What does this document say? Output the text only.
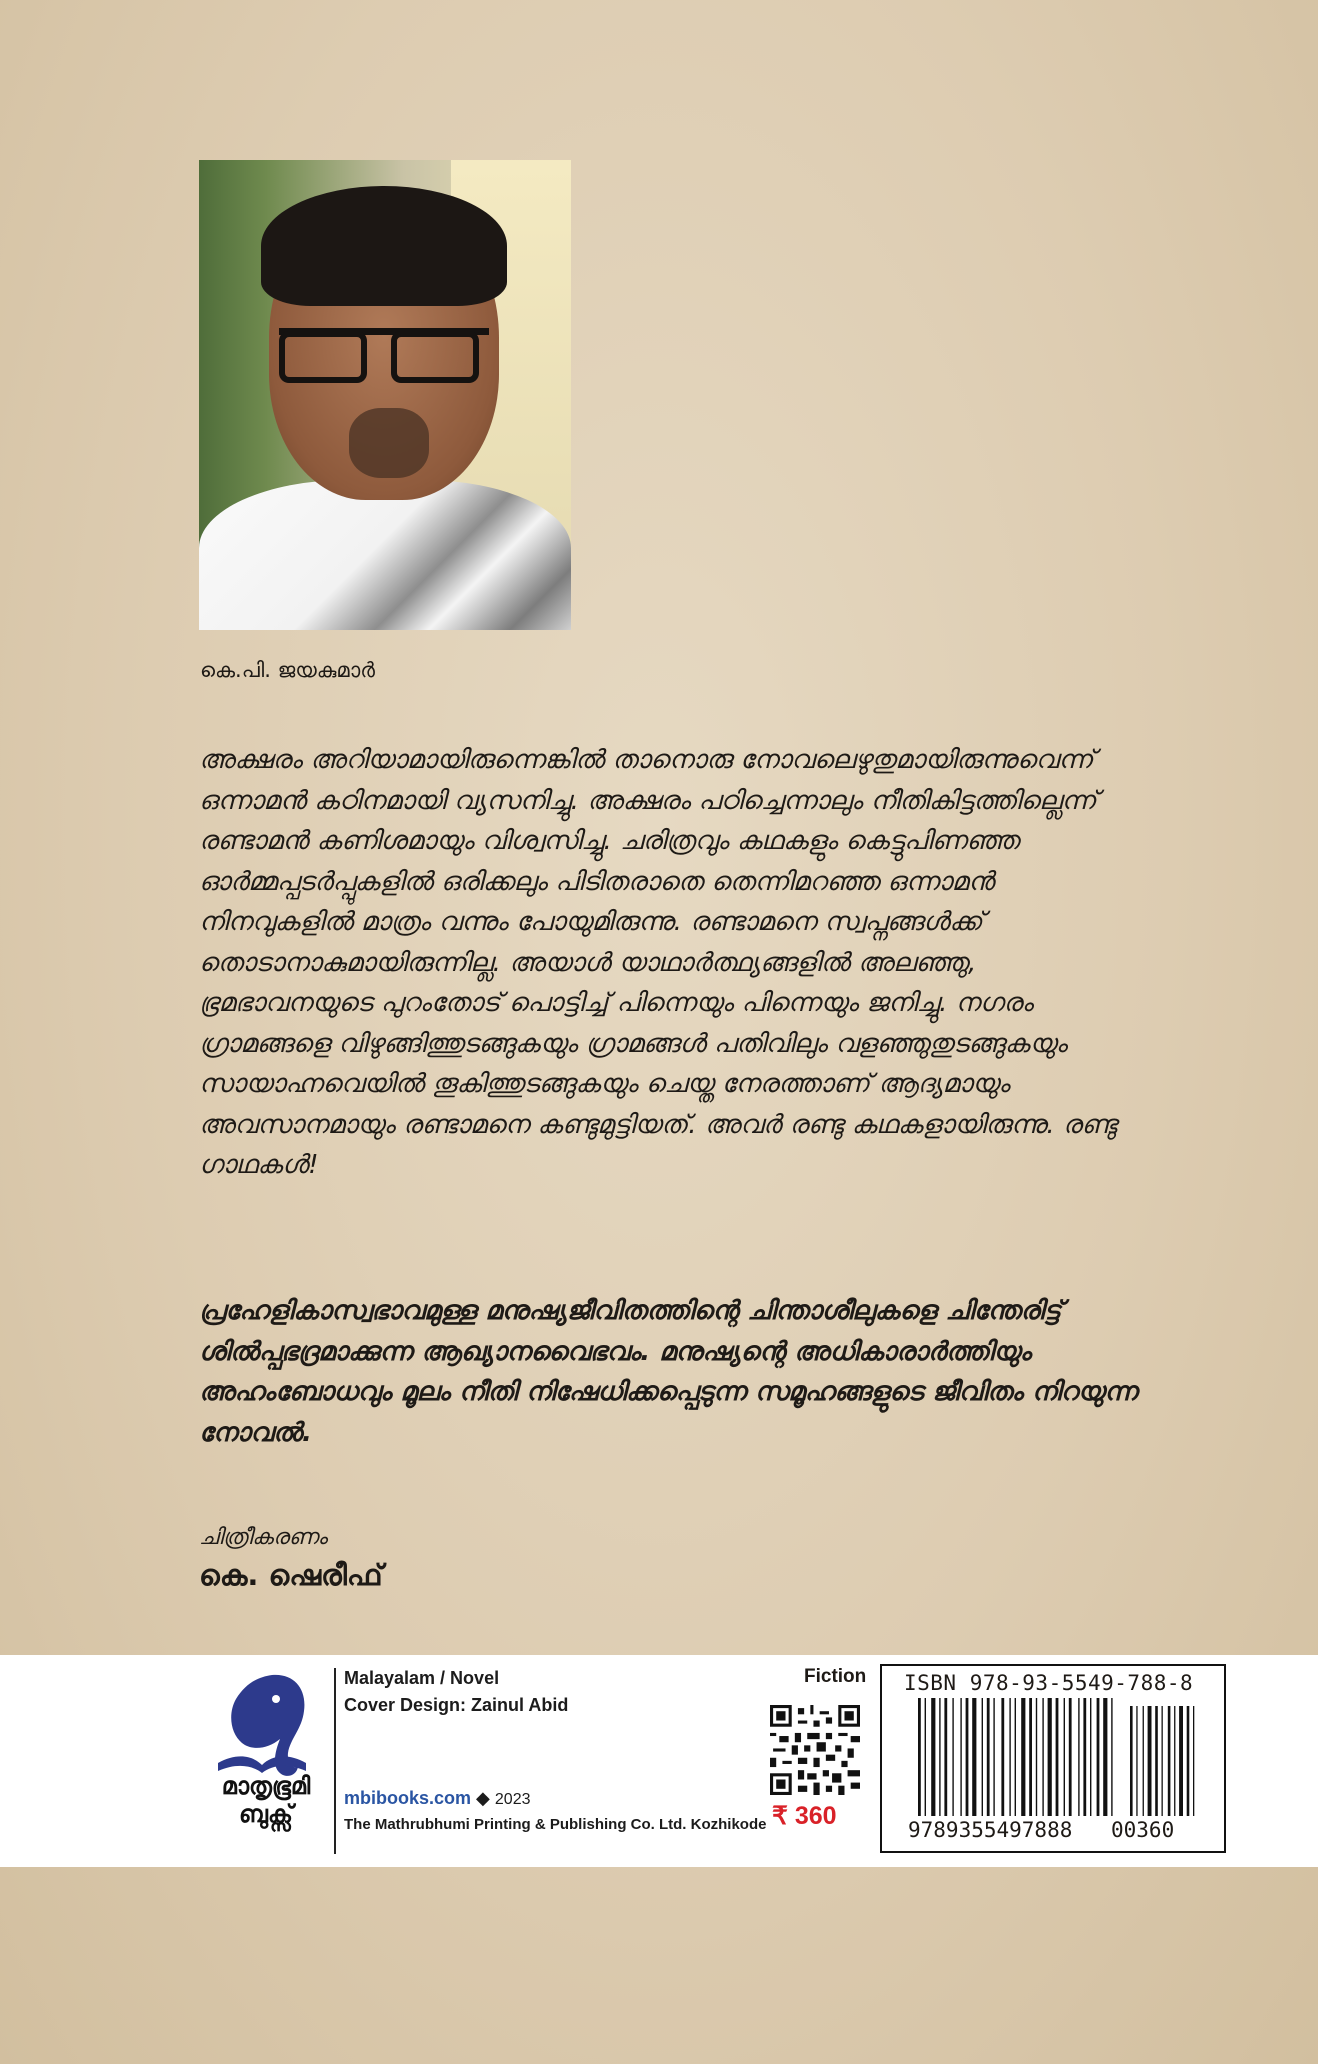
കെ.പി. ജയകുമാർ

അക്ഷരം അറിയാമായിരുന്നെങ്കിൽ താനൊരു നോവലെഴുതുമായിരുന്നുവെന്ന് ഒന്നാമൻ കഠിനമായി വ്യസനിച്ചു. അക്ഷരം പഠിച്ചെന്നാലും നീതികിട്ടത്തില്ലെന്ന് രണ്ടാമൻ കണിശമായും വിശ്വസിച്ചു. ചരിത്രവും കഥകളും കെട്ടുപിണഞ്ഞ ഓർമ്മപ്പടർപ്പുകളിൽ ഒരിക്കലും പിടിതരാതെ തെന്നിമറഞ്ഞ ഒന്നാമൻ നിനവുകളിൽ മാത്രം വന്നും പോയുമിരുന്നു. രണ്ടാമനെ സ്വപ്നങ്ങൾക്ക് തൊടാനാകുമായിരുന്നില്ല. അയാൾ യാഥാർത്ഥ്യങ്ങളിൽ അലഞ്ഞു, ഭ്രമഭാവനയുടെ പുറംതോട് പൊട്ടിച്ച് പിന്നെയും പിന്നെയും ജനിച്ചു. നഗരം ഗ്രാമങ്ങളെ വിഴുങ്ങിത്തുടങ്ങുകയും ഗ്രാമങ്ങൾ പതിവിലും വളഞ്ഞുതുടങ്ങുകയും സായാഹ്നവെയിൽ തൂകിത്തുടങ്ങുകയും ചെയ്ത നേരത്താണ് ആദ്യമായും അവസാനമായും രണ്ടാമനെ കണ്ടുമുട്ടിയത്. അവർ രണ്ടു കഥകളായിരുന്നു. രണ്ടു ഗാഥകൾ!

പ്രഹേളികാസ്വഭാവമുള്ള മനുഷ്യജീവിതത്തിന്റെ ചിന്താശീലുകളെ ചിന്തേരിട്ട് ശിൽപ്പഭദ്രമാക്കുന്ന ആഖ്യാനവൈഭവം. മനുഷ്യന്റെ അധികാരാർത്തിയും അഹംബോധവും മൂലം നീതി നിഷേധിക്കപ്പെടുന്ന സമൂഹങ്ങളുടെ ജീവിതം നിറയുന്ന നോവൽ.

ചിത്രീകരണം
കെ. ഷെരീഫ്
മാതൃഭൂമി
ബുക്സ്
Malayalam / Novel
Cover Design: Zainul Abid
mbibooks.com ◆ 2023
The Mathrubhumi Printing & Publishing Co. Ltd. Kozhikode
Fiction
₹ 360
ISBN 978-93-5549-788-8
9789355497888 00360
